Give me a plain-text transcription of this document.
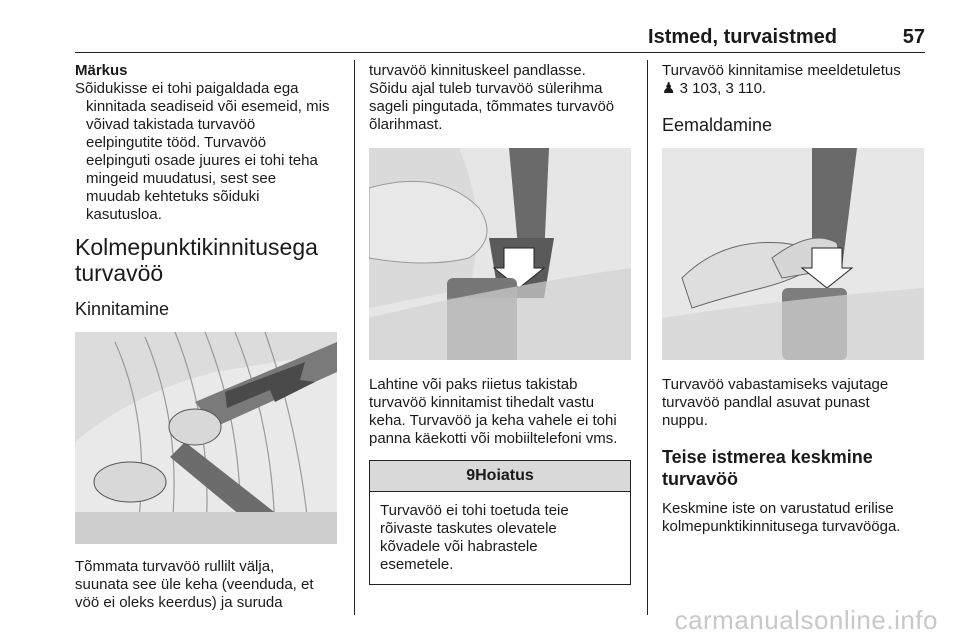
Istmed, turvaistmed	57

Märkus

Sõidukisse ei tohi paigaldada ega

kinnitada seadiseid või esemeid, mis

võivad takistada turvavöö

eelpingutite tööd. Turvavöö

eelpinguti osade juures ei tohi teha

mingeid muudatusi, sest see

muudab kehtetuks sõiduki

kasutusloa.

Kolmepunktikinnitusega
turvavöö
Kinnitamine

Tõmmata turvavöö rullilt välja,

suunata see üle keha (veenduda, et

vöö ei oleks keerdus) ja suruda

turvavöö kinnituskeel pandlasse.

Sõidu ajal tuleb turvavöö sülerihma

sageli pingutada, tõmmates turvavöö

õlarihmast.

Lahtine või paks riietus takistab

turvavöö kinnitamist tihedalt vastu

keha. Turvavöö ja keha vahele ei tohi

panna käekotti või mobiiltelefoni vms.

9Hoiatus

Turvavöö ei tohi toetuda teie

rõivaste taskutes olevatele

kõvadele või habrastele

esemetele.

Turvavöö kinnitamise meeldetuletus

♟ 3 103, 3 110.

Eemaldamine

Turvavöö vabastamiseks vajutage

turvavöö pandlal asuvat punast

nuppu.

Teise istmerea keskmine
turvavöö

Keskmine iste on varustatud erilise

kolmepunktikinnitusega turvavööga.

carmanualsonline.info
